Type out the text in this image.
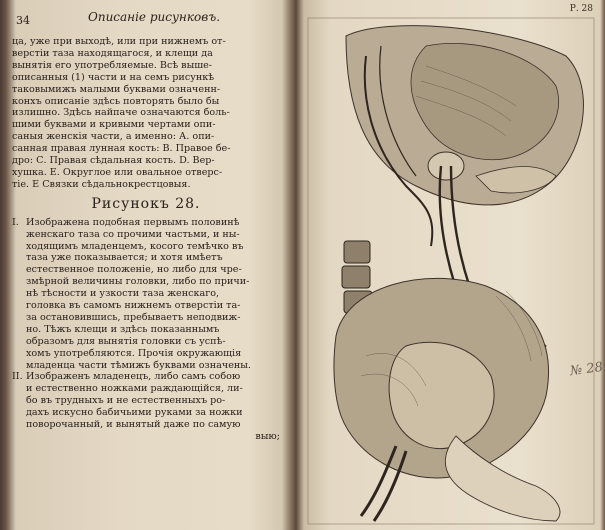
34	Описаніе рисунковъ.

ца, уже при выходѣ, или при нижнемъ от-
верстіи таза находящагося, и клещи да
вынятія его употребляемые. Всѣ выше-
описанныя (1) части и на семъ рисункѣ
таковымижъ малыми буквами означенн-
конхъ описаніе здѣсь повторять было бы
излишно. Здѣсь найпаче означаются боль-
шими буквами и кривыми чертами опи-
саныя женскія части, а именно: А. опи-
санная правая лунная кость: В. Правое бе-
дро: С. Правая сѣдальная кость. D. Вер-
хушка. Е. Округлое или овальное отверс-
тіе. Е Связки сѣдальнокрестцовыя.

Рисунокъ 28.
I. Изображена подобная первымъ половинѣ
женскаго таза со прочими частьми, и ны-
ходящимъ младенцемъ, косого темѣчко въ
таза уже показывается; и хотя имѣетъ
естественное положеніе, но либо для чре-
змѣрной величины головки, либо по причи-
нѣ тѣсности и узкости таза женскаго,
головка въ самомъ нижнемъ отверстіи та-
за остановившись, пребываетъ неподвиж-
но. Тѣжъ клещи и здѣсь показаннымъ
образомъ для вынятія головки съ успѣ-
хомъ употребляются. Прочія окружающія
младенца части тѣмижъ буквами означены.
II. Изображенъ младенецъ, либо самъ собою
и естественно ножками раждающійся, ли-
бо въ трудныхъ и не естественныхъ ро-
дахъ искусно бабичьими руками за ножки
поворочанный, и вынятый даже по самую
выю;
Р. 28
№ 28
